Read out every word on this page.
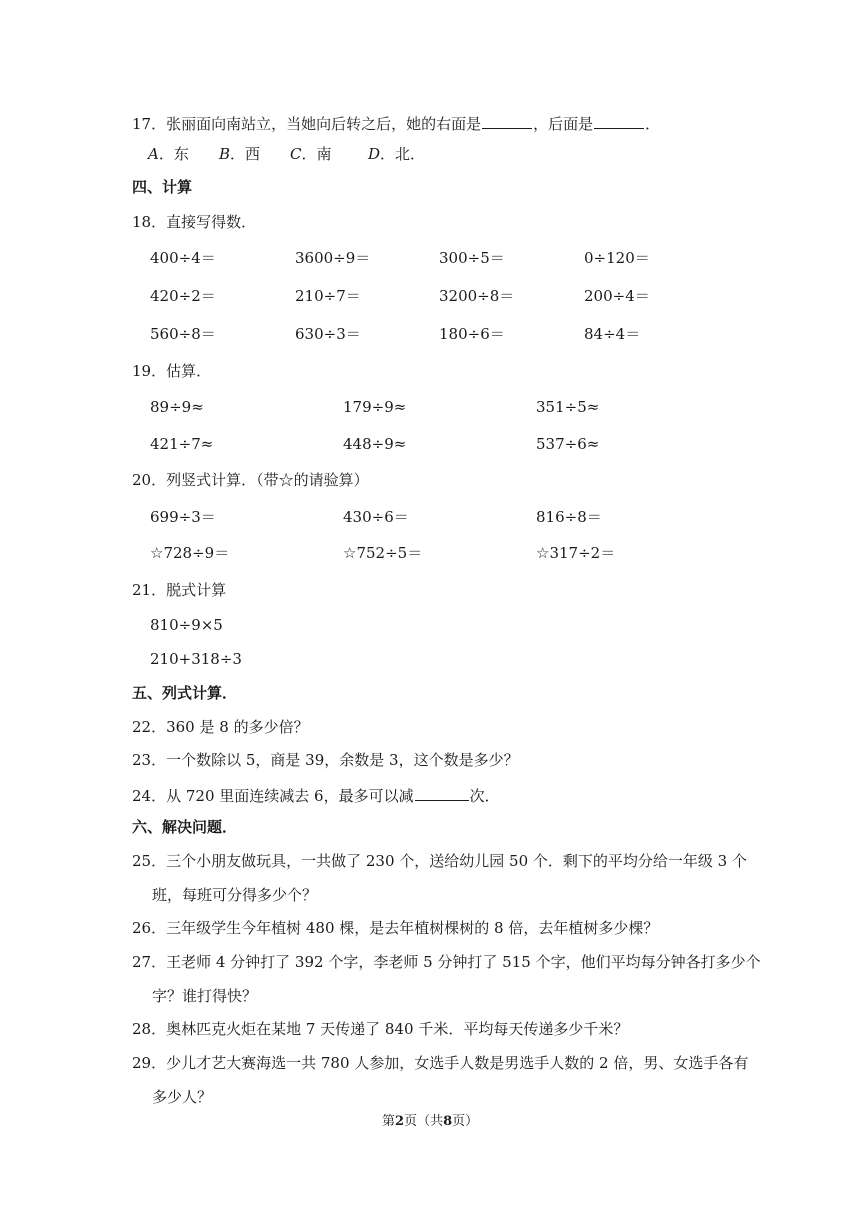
17．张丽面向南站立，当她向后转之后，她的右面是	，后面是	．
A．东 B．西 C．南 D．北．
四、计算
18．直接写得数．
400÷4＝	3600÷9＝	300÷5＝	0÷120＝
420÷2＝	210÷7＝	3200÷8＝	200÷4＝
560÷8＝	630÷3＝	180÷6＝	84÷4＝
19．估算．
89÷9≈	179÷9≈	351÷5≈
421÷7≈	448÷9≈	537÷6≈
20．列竖式计算．（带☆的请验算）
699÷3＝	430÷6＝	816÷8＝
☆728÷9＝	☆752÷5＝	☆317÷2＝
21．脱式计算
810÷9×5
210+318÷3
五、列式计算．
22．360 是 8 的多少倍？
23．一个数除以 5，商是 39，余数是 3，这个数是多少？
24．从 720 里面连续减去 6，最多可以减	次．
六、解决问题．
25．三个小朋友做玩具，一共做了 230 个，送给幼儿园 50 个．剩下的平均分给一年级 3 个
班，每班可分得多少个？
26．三年级学生今年植树 480 棵，是去年植树棵树的 8 倍，去年植树多少棵？
27．王老师 4 分钟打了 392 个字，李老师 5 分钟打了 515 个字，他们平均每分钟各打多少个
字？谁打得快？
28．奥林匹克火炬在某地 7 天传递了 840 千米．平均每天传递多少千米？
29．少儿才艺大赛海选一共 780 人参加，女选手人数是男选手人数的 2 倍，男、女选手各有
多少人？
第2页（共8页）
